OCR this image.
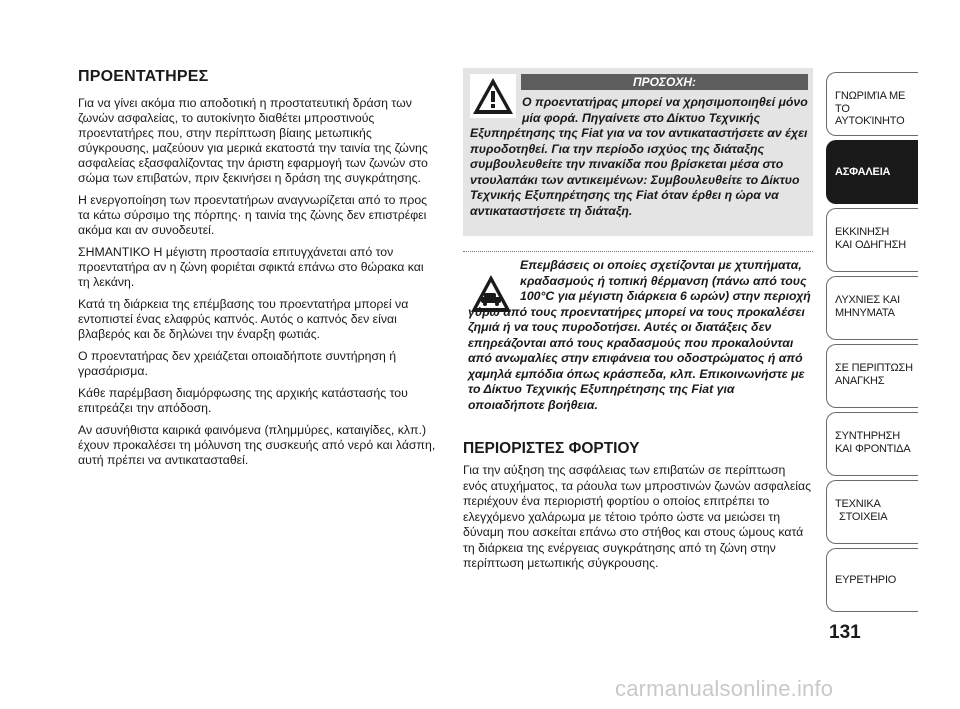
ΠΡΟΕΝΤΑΤΗΡΕΣ

Για να γίνει ακόμα πιο αποδοτική η προστατευτική δράση των ζωνών ασφαλείας, το αυτοκίνητο διαθέτει μπροστινούς προεντατήρες που, στην περίπτωση βίαιης μετωπικής σύγκρουσης, μαζεύουν για μερικά εκατοστά την ταινία της ζώνης ασφαλείας εξασφαλίζοντας την άριστη εφαρμογή των ζωνών στο σώμα των επιβατών, πριν ξεκινήσει η δράση της συγκράτησης.

Η ενεργοποίηση των προεντατήρων αναγνωρίζεται από το προς τα κάτω σύρσιμο της πόρπης· η ταινία της ζώνης δεν επιστρέφει ακόμα και αν συνοδευτεί.

ΣΗΜΑΝΤΙΚΟ Η μέγιστη προστασία επιτυγχάνεται από τον προεντατήρα αν η ζώνη φοριέται σφικτά επάνω στο θώρακα και τη λεκάνη.

Κατά τη διάρκεια της επέμβασης του προεντατήρα μπορεί να εντοπιστεί ένας ελαφρύς καπνός. Αυτός ο καπνός δεν είναι βλαβερός και δε δηλώνει την έναρξη φωτιάς.

Ο προεντατήρας δεν χρειάζεται οποιαδήποτε συντήρηση ή γρασάρισμα.

Κάθε παρέμβαση διαμόρφωσης της αρχικής κατάστασής του επιτρεάζει την απόδοση.

Αν ασυνήθιστα καιρικά φαινόμενα (πλημμύρες, καταιγίδες, κλπ.) έχουν προκαλέσει τη μόλυνση της συσκευής από νερό και λάσπη, αυτή πρέπει να αντικατασταθεί.

ΠΡΟΣΟΧΗ:
Ο προεντατήρας μπορεί να χρησιμοποιηθεί μόνο μία φορά. Πηγαίνετε στο Δίκτυο Τεχνικής
Εξυπηρέτησης της Fiat για να τον αντικαταστήσετε αν έχει πυροδοτηθεί. Για την περίοδο ισχύος της διάταξης συμβουλευθείτε την πινακίδα που βρίσκεται μέσα στο ντουλαπάκι των αντικειμένων: Συμβουλευθείτε το Δίκτυο Τεχνικής Εξυπηρέτησης της Fiat όταν έρθει η ώρα να αντικαταστήσετε τη διάταξη.
Επεμβάσεις οι οποίες σχετίζονται με χτυπήματα, κραδασμούς ή τοπική θέρμανση (πάνω από τους 100°C για μέγιστη διάρκεια 6 ωρών) στην περιοχή
γύρω από τους προεντατήρες μπορεί να τους προκαλέσει ζημιά ή να τους πυροδοτήσει. Αυτές οι διατάξεις δεν επηρεάζονται από τους κραδασμούς που προκαλούνται από ανωμαλίες στην επιφάνεια του οδοστρώματος ή από χαμηλά εμπόδια όπως κράσπεδα, κλπ. Επικοινωνήστε με το Δίκτυο Τεχνικής Εξυπηρέτησης της Fiat για οποιαδήποτε βοήθεια.
ΠΕΡΙΟΡΙΣΤΕΣ ΦΟΡΤΙΟΥ

Για την αύξηση της ασφάλειας των επιβατών σε περίπτωση ενός ατυχήματος, τα ράουλα των μπροστινών ζωνών ασφαλείας περιέχουν ένα περιοριστή φορτίου ο οποίος επιτρέπει το ελεγχόμενο χαλάρωμα με τέτοιο τρόπο ώστε να μειώσει τη δύναμη που ασκείται επάνω στο στήθος και στους ώμους κατά τη διάρκεια της ενέργειας συγκράτησης από τη ζώνη στην περίπτωση μετωπικής σύγκρουσης.

ΓΝΩΡΙΜΊΑ ΜΕ
ΤΟ ΑΥΤΟΚΊΝΗΤΟ
ΑΣΦΑΛΕΙΑ
ΕΚΚΙΝΗΣΗ
ΚΑΙ ΟΔΗΓΗΣΗ
ΛΥΧΝΙΕΣ ΚΑΙ
ΜΗΝΥΜΑΤΑ
ΣΕ ΠΕΡΙΠΤΩΣΗ
ΑΝΑΓΚΗΣ
ΣΥΝΤΗΡΗΣΗ
ΚΑΙ ΦΡΟΝΤΙΔΑ
ΤΕΧΝΙΚΑ
ΣΤΟΙΧΕΙΑ
ΕΥΡΕΤΗΡΙΟ
131
carmanualsonline.info
